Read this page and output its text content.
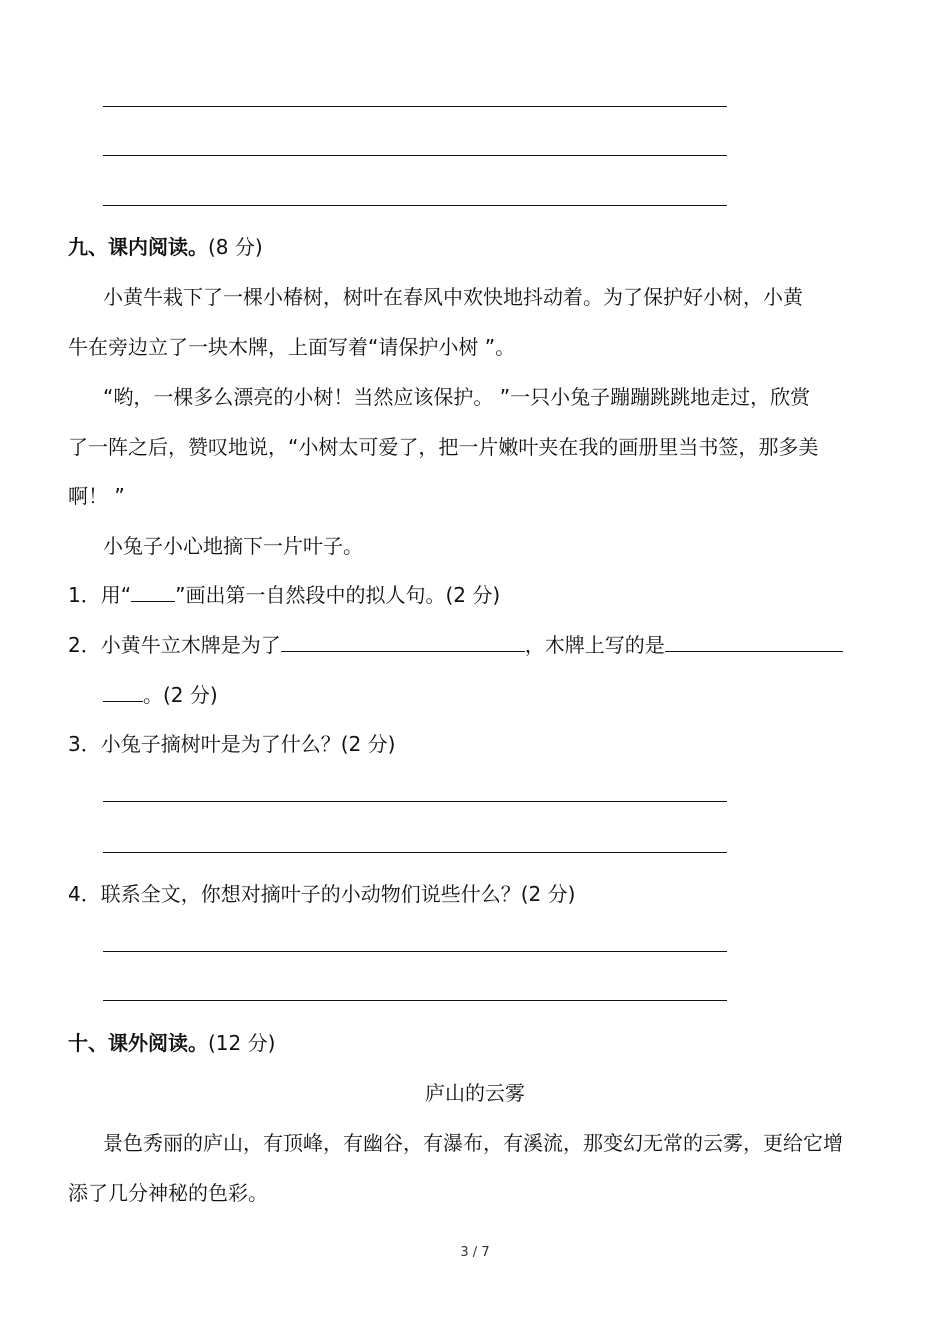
九、课内阅读。(8 分)
小黄牛栽下了一棵小椿树，树叶在春风中欢快地抖动着。为了保护好小树，小黄
牛在旁边立了一块木牌，上面写着“请保护小树 ”。
“哟，一棵多么漂亮的小树！当然应该保护。 ”一只小兔子蹦蹦跳跳地走过，欣赏
了一阵之后，赞叹地说，“小树太可爱了，把一片嫩叶夹在我的画册里当书签，那多美
啊！ ”
小兔子小心地摘下一片叶子。
1．用“ ”画出第一自然段中的拟人句。(2 分)
2．小黄牛立木牌是为了	，木牌上写的是
。(2 分)
3．小兔子摘树叶是为了什么？(2 分)
4．联系全文，你想对摘叶子的小动物们说些什么？(2 分)
十、课外阅读。(12 分)
庐山的云雾
景色秀丽的庐山，有顶峰，有幽谷，有瀑布，有溪流，那变幻无常的云雾，更给它增
添了几分神秘的色彩。
3 / 7
